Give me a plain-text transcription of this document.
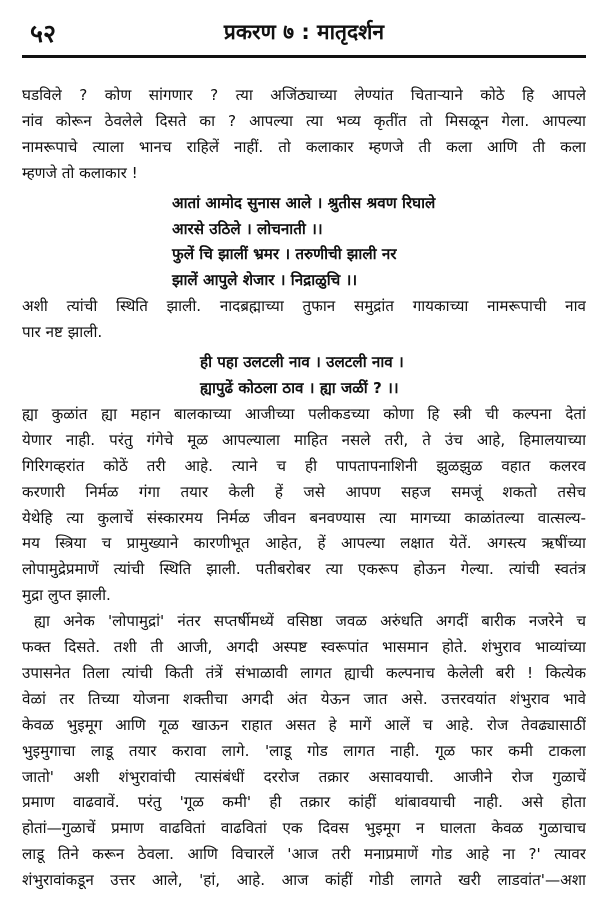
५२	प्रकरण ७ : मातृदर्शन
घडविले ? कोण सांगणार ? त्या अजिंठ्याच्या लेण्यांत चिताऱ्याने कोठे हि आपले
नांव कोरून ठेवलेले दिसते का ? आपल्या त्या भव्य कृतींत तो मिसळून गेला. आपल्या
नामरूपाचे त्याला भानच राहिलें नाहीं. तो कलाकार म्हणजे ती कला आणि ती कला
म्हणजे तो कलाकार !
आतां आमोद सुनास आले । श्रुतीस श्रवण रिघाले
आरसे उठिले । लोचनाती ।।
फुलें चि झालीं भ्रमर । तरुणीची झाली नर
झालें आपुले शेजार । निद्राळुचि ।।
अशी त्यांची स्थिति झाली. नादब्रह्माच्या तुफान समुद्रांत गायकाच्या नामरूपाची नाव
पार नष्ट झाली.
ही पहा उलटली नाव । उलटली नाव ।
ह्यापुढें कोठला ठाव । ह्या जळीं ? ।।
ह्या कुळांत ह्या महान बालकाच्या आजीच्या पलीकडच्या कोणा हि स्त्री ची कल्पना देतां
येणार नाही. परंतु गंगेचे मूळ आपल्याला माहित नसले तरी, ते उंच आहे, हिमालयाच्या
गिरिगव्हरांत कोठें तरी आहे. त्याने च ही पापतापनाशिनी झुळझुळ वहात कलरव
करणारी निर्मळ गंगा तयार केली हें जसे आपण सहज समजूं शकतो तसेच
येथेहि त्या कुलाचें संस्कारमय निर्मळ जीवन बनवण्यास त्या मागच्या काळांतल्या वात्सल्य-
मय स्त्रिया च प्रामुख्याने कारणीभूत आहेत, हें आपल्या लक्षात येतें. अगस्त्य ऋषींच्या
लोपामुद्रेप्रमाणें त्यांची स्थिति झाली. पतीबरोबर त्या एकरूप होऊन गेल्या. त्यांची स्वतंत्र
मुद्रा लुप्त झाली.
ह्या अनेक 'लोपामुद्रां' नंतर सप्तर्षीमध्यें वसिष्ठा जवळ अरुंधति अगदीं बारीक नजरेने च
फक्त दिसते. तशी ती आजी, अगदी अस्पष्ट स्वरूपांत भासमान होते. शंभुराव भाव्यांच्या
उपासनेत तिला त्यांची किती तंत्रें संभाळावी लागत ह्याची कल्पनाच केलेली बरी ! कित्येक
वेळां तर तिच्या योजना शक्तीचा अगदी अंत येऊन जात असे. उत्तरवयांत शंभुराव भावे
केवळ भुइमूग आणि गूळ खाऊन राहात असत हे मागें आलें च आहे. रोज तेवढ्यासाठीं
भुइमुगाचा लाडू तयार करावा लागे. 'लाडू गोड लागत नाही. गूळ फार कमी टाकला
जातो' अशी शंभुरावांची त्यासंबंधीं दररोज तक्रार असावयाची. आजीने रोज गुळाचें
प्रमाण वाढवावें. परंतु 'गूळ कमी' ही तक्रार कांहीं थांबावयाची नाही. असे होता
होतां—गुळाचें प्रमाण वाढवितां वाढवितां एक दिवस भुइमूग न घालता केवळ गुळाचाच
लाडू तिने करून ठेवला. आणि विचारलें 'आज तरी मनाप्रमाणें गोड आहे ना ?' त्यावर
शंभुरावांकडून उत्तर आले, 'हां, आहे. आज कांहीं गोडी लागते खरी लाडवांत'—अशा
